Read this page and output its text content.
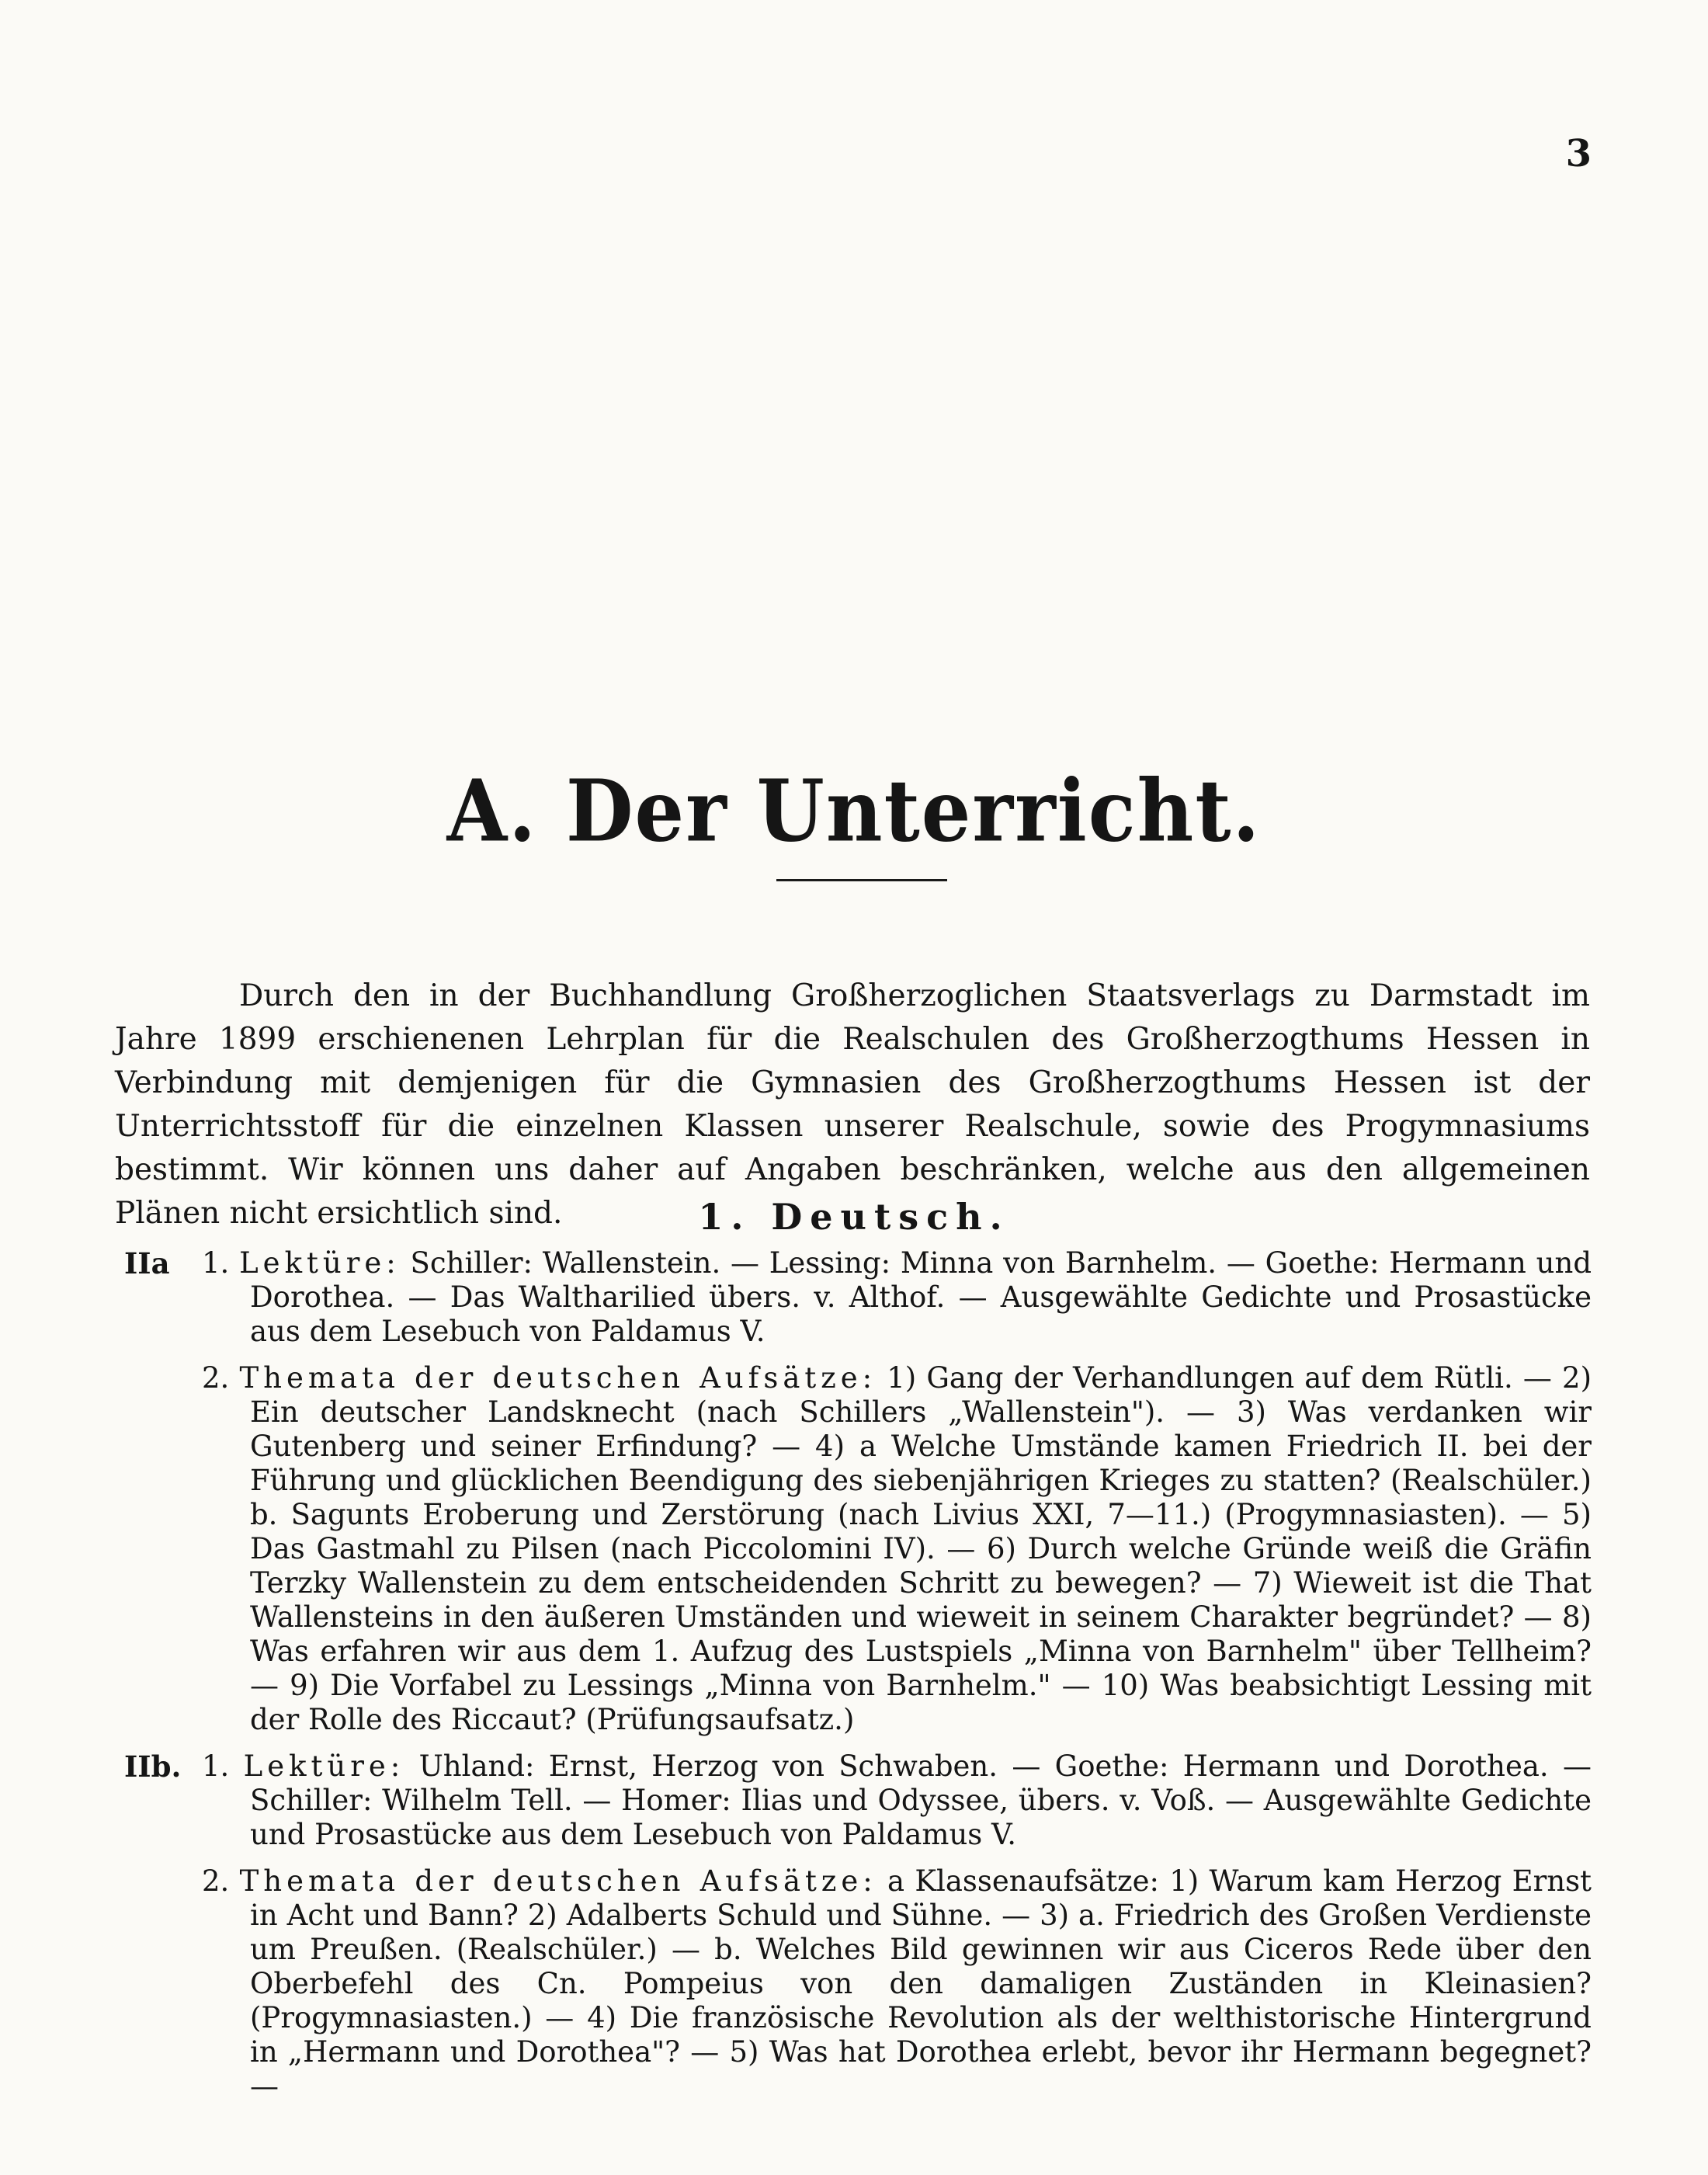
3
A. Der Unterricht.
Durch den in der Buchhandlung Großherzoglichen Staatsverlags zu Darmstadt im Jahre 1899 erschienenen Lehrplan für die Realschulen des Großherzogthums Hessen in Verbindung mit demjenigen für die Gymnasien des Großherzogthums Hessen ist der Unterrichtsstoff für die einzelnen Klassen unserer Realschule, sowie des Progymnasiums bestimmt. Wir können uns daher auf Angaben beschränken, welche aus den allgemeinen Plänen nicht ersichtlich sind.	1. Deutsch.
IIa 1. Lektüre: Schiller: Wallenstein. — Lessing: Minna von Barnhelm. — Goethe: Hermann und Dorothea. — Das Waltharilied übers. v. Althof. — Ausgewählte Gedichte und Prosastücke aus dem Lesebuch von Paldamus V.
2. Themata der deutschen Aufsätze: 1) Gang der Verhandlungen auf dem Rütli. — 2) Ein deutscher Landsknecht (nach Schillers „Wallenstein"). — 3) Was verdanken wir Gutenberg und seiner Erfindung? — 4) a Welche Umstände kamen Friedrich II. bei der Führung und glücklichen Beendigung des siebenjährigen Krieges zu statten? (Realschüler.) b. Sagunts Eroberung und Zerstörung (nach Livius XXI, 7—11.) (Progymnasiasten). — 5) Das Gastmahl zu Pilsen (nach Piccolomini IV). — 6) Durch welche Gründe weiß die Gräfin Terzky Wallenstein zu dem entscheidenden Schritt zu bewegen? — 7) Wieweit ist die That Wallensteins in den äußeren Umständen und wieweit in seinem Charakter begründet? — 8) Was erfahren wir aus dem 1. Aufzug des Lustspiels „Minna von Barnhelm" über Tellheim? — 9) Die Vorfabel zu Lessings „Minna von Barnhelm." — 10) Was beabsichtigt Lessing mit der Rolle des Riccaut? (Prüfungsaufsatz.)
IIb. 1. Lektüre: Uhland: Ernst, Herzog von Schwaben. — Goethe: Hermann und Dorothea. — Schiller: Wilhelm Tell. — Homer: Ilias und Odyssee, übers. v. Voß. — Ausgewählte Gedichte und Prosastücke aus dem Lesebuch von Paldamus V.
2. Themata der deutschen Aufsätze: a Klassenaufsätze: 1) Warum kam Herzog Ernst in Acht und Bann? 2) Adalberts Schuld und Sühne. — 3) a. Friedrich des Großen Verdienste um Preußen. (Realschüler.) — b. Welches Bild gewinnen wir aus Ciceros Rede über den Oberbefehl des Cn. Pompeius von den damaligen Zuständen in Kleinasien? (Progymnasiasten.) — 4) Die französische Revolution als der welthistorische Hintergrund in „Hermann und Dorothea"? — 5) Was hat Dorothea erlebt, bevor ihr Hermann begegnet? —
